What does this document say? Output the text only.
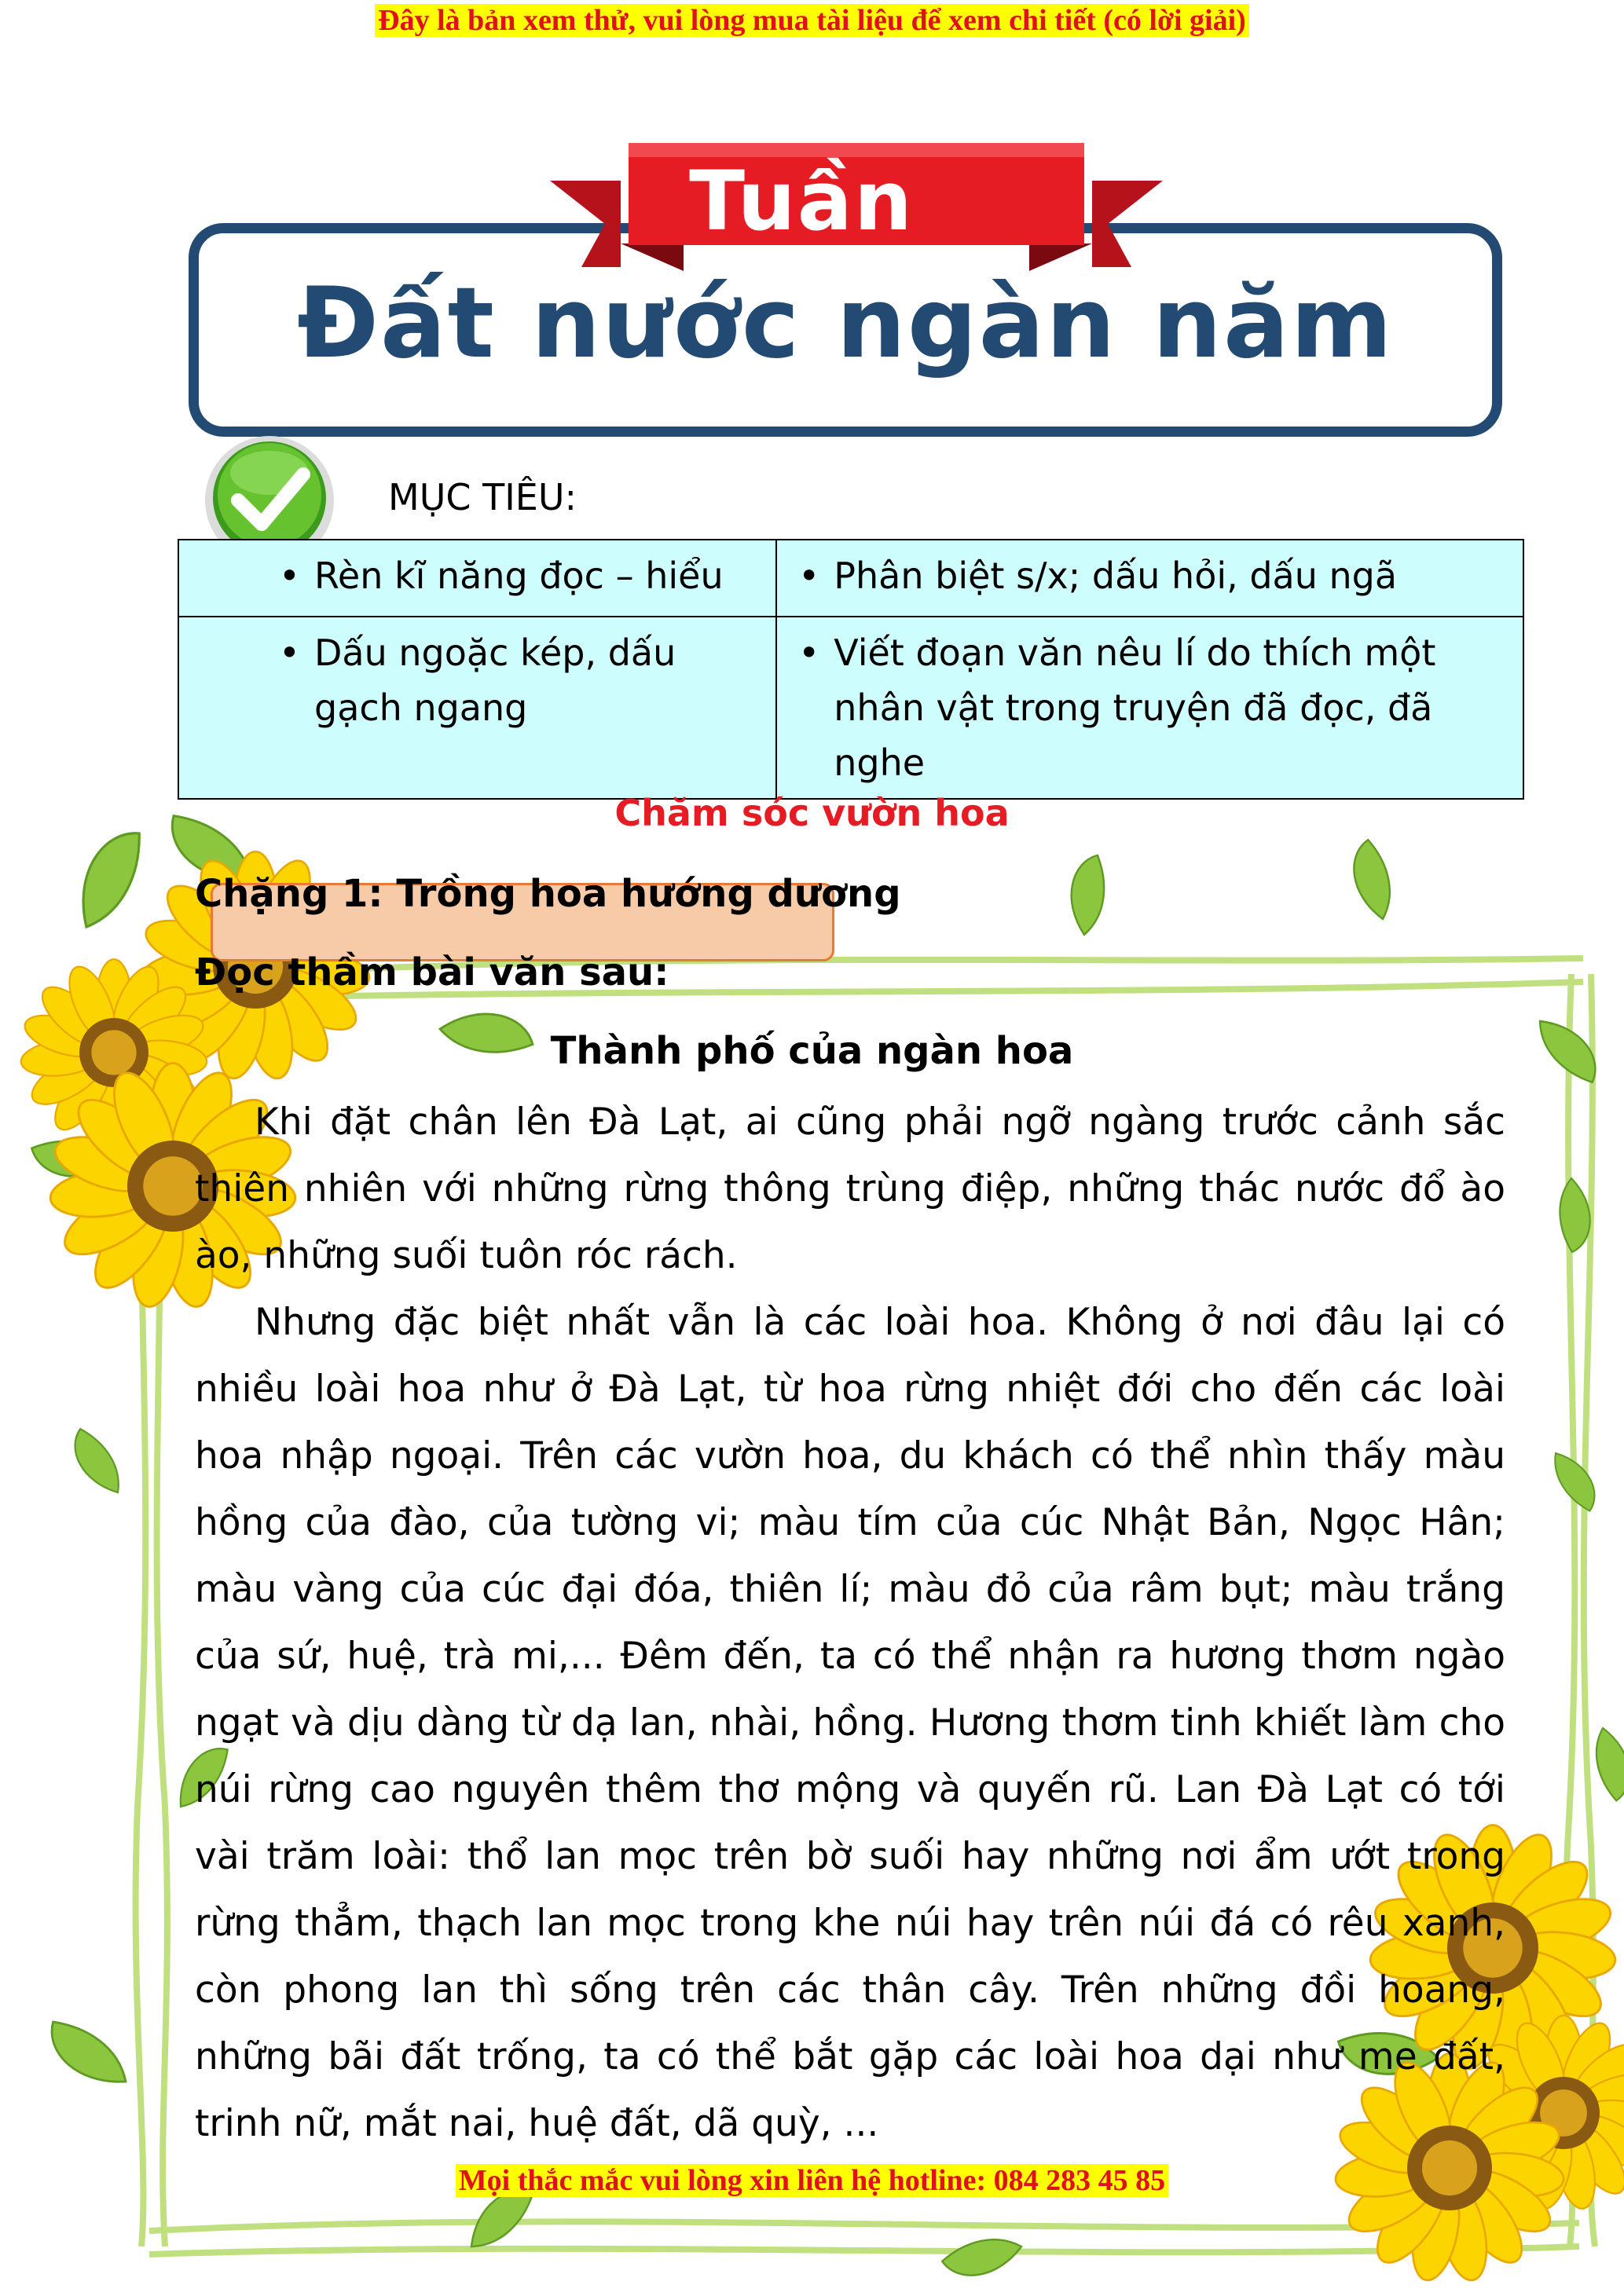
Đây là bản xem thử, vui lòng mua tài liệu để xem chi tiết (có lời giải)
Tuần
Đất nước ngàn năm
MỤC TIÊU:
• Rèn kĩ năng đọc – hiểu	• Phân biệt s/x; dấu hỏi, dấu ngã

• Dấu ngoặc kép, dấu gạch ngang	• Viết đoạn văn nêu lí do thích một nhân vật trong truyện đã đọc, đã nghe
Chăm sóc vườn hoa
Chặng 1: Trồng hoa hướng dương
Đọc thầm bài văn sau:
Thành phố của ngàn hoa

Khi đặt chân lên Đà Lạt, ai cũng phải ngỡ ngàng trước cảnh sắc thiên nhiên với những rừng thông trùng điệp, những thác nước đổ ào ào, những suối tuôn róc rách.

Nhưng đặc biệt nhất vẫn là các loài hoa. Không ở nơi đâu lại có nhiều loài hoa như ở Đà Lạt, từ hoa rừng nhiệt đới cho đến các loài hoa nhập ngoại. Trên các vườn hoa, du khách có thể nhìn thấy màu hồng của đào, của tường vi; màu tím của cúc Nhật Bản, Ngọc Hân; màu vàng của cúc đại đóa, thiên lí; màu đỏ của râm bụt; màu trắng của sứ, huệ, trà mi,... Đêm đến, ta có thể nhận ra hương thơm ngào ngạt và dịu dàng từ dạ lan, nhài, hồng. Hương thơm tinh khiết làm cho núi rừng cao nguyên thêm thơ mộng và quyến rũ. Lan Đà Lạt có tới vài trăm loài: thổ lan mọc trên bờ suối hay những nơi ẩm ướt trong rừng thẳm, thạch lan mọc trong khe núi hay trên núi đá có rêu xanh, còn phong lan thì sống trên các thân cây. Trên những đồi hoang, những bãi đất trống, ta có thể bắt gặp các loài hoa dại như me đất, trinh nữ, mắt nai, huệ đất, dã quỳ, ...

Mọi thắc mắc vui lòng xin liên hệ hotline: 084 283 45 85
